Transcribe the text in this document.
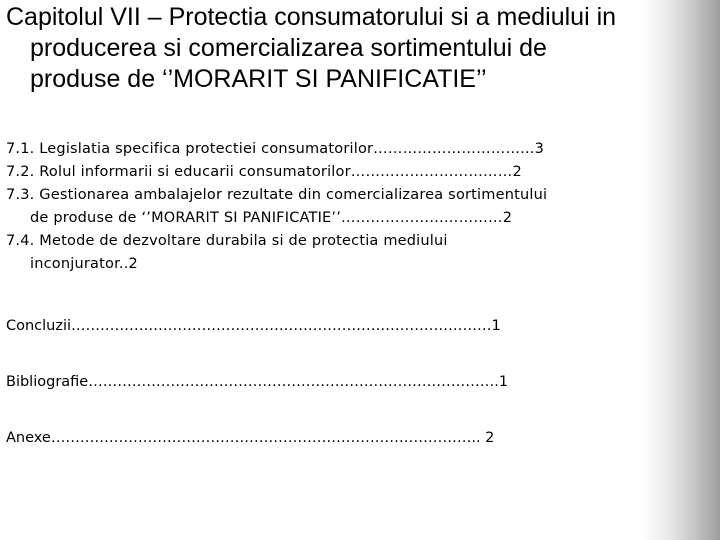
Capitolul VII – Protectia consumatorului si a mediului in
producerea si comercializarea sortimentului de
produse de ‘’MORARIT SI PANIFICATIE’’
7.1. Legislatia specifica protectiei consumatorilor…………………………...3
7.2. Rolul informarii si educarii consumatorilor……………………………2
7.3. Gestionarea ambalajelor rezultate din comercializarea sortimentului
de produse de ‘’MORARIT SI PANIFICATIE’’……………………………2
7.4. Metode de dezvoltare durabila si de protectia mediului
inconjurator..2
Concluzii……………………………………………………………………………1
Bibliografie………………………………………………………………………….1
Anexe…………………………………………………………………………….. 2
